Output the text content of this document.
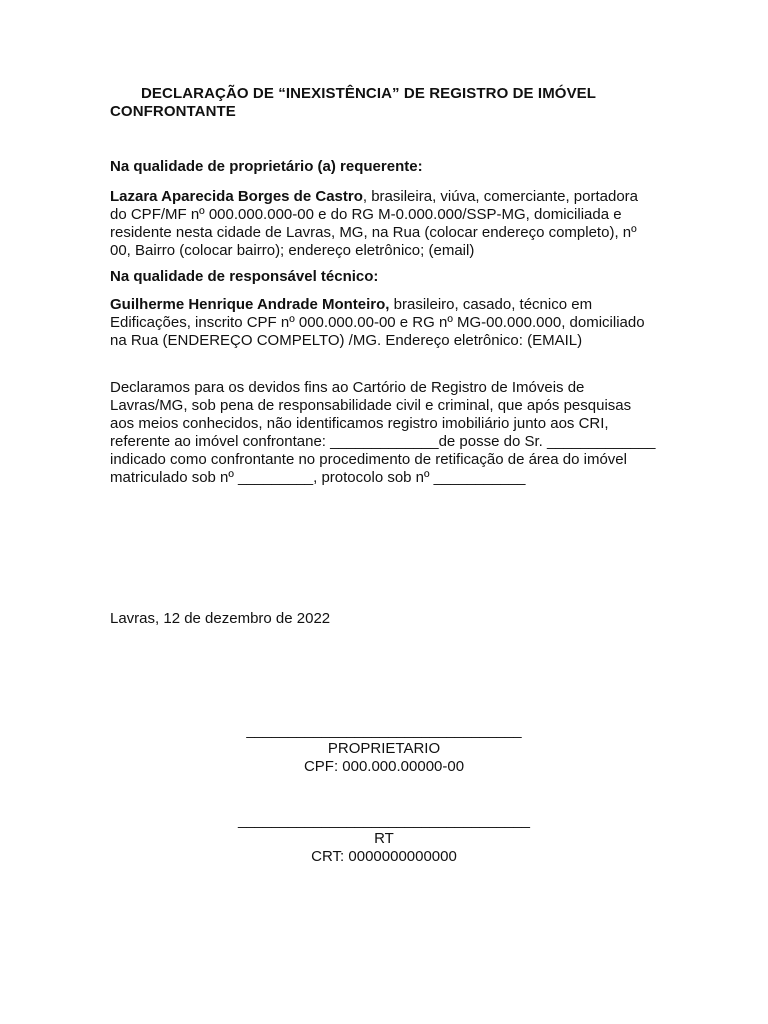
DECLARAÇÃO DE “INEXISTÊNCIA” DE REGISTRO DE IMÓVEL CONFRONTANTE
Na qualidade de proprietário (a) requerente:

Lazara Aparecida Borges de Castro, brasileira, viúva, comerciante, portadora do CPF/MF nº 000.000.000-00 e do RG M-0.000.000/SSP-MG, domiciliada e residente nesta cidade de Lavras, MG, na Rua (colocar endereço completo), nº 00, Bairro (colocar bairro); endereço eletrônico; (email)

Na qualidade de responsável técnico:

Guilherme Henrique Andrade Monteiro, brasileiro, casado, técnico em Edificações, inscrito CPF nº 000.000.00-00 e RG nº MG-00.000.000, domiciliado na Rua (ENDEREÇO COMPELTO) /MG. Endereço eletrônico: (EMAIL)

Declaramos para os devidos fins ao Cartório de Registro de Imóveis de Lavras/MG, sob pena de responsabilidade civil e criminal, que após pesquisas aos meios conhecidos, não identificamos registro imobiliário junto aos CRI, referente ao imóvel confrontane: _____________de posse do Sr. _____________ indicado como confrontante no procedimento de retificação de área do imóvel matriculado sob nº _________, protocolo sob nº ___________
Lavras, 12 de dezembro de 2022
_________________________________
PROPRIETARIO
CPF: 000.000.00000-00
___________________________________
RT
CRT: 0000000000000
